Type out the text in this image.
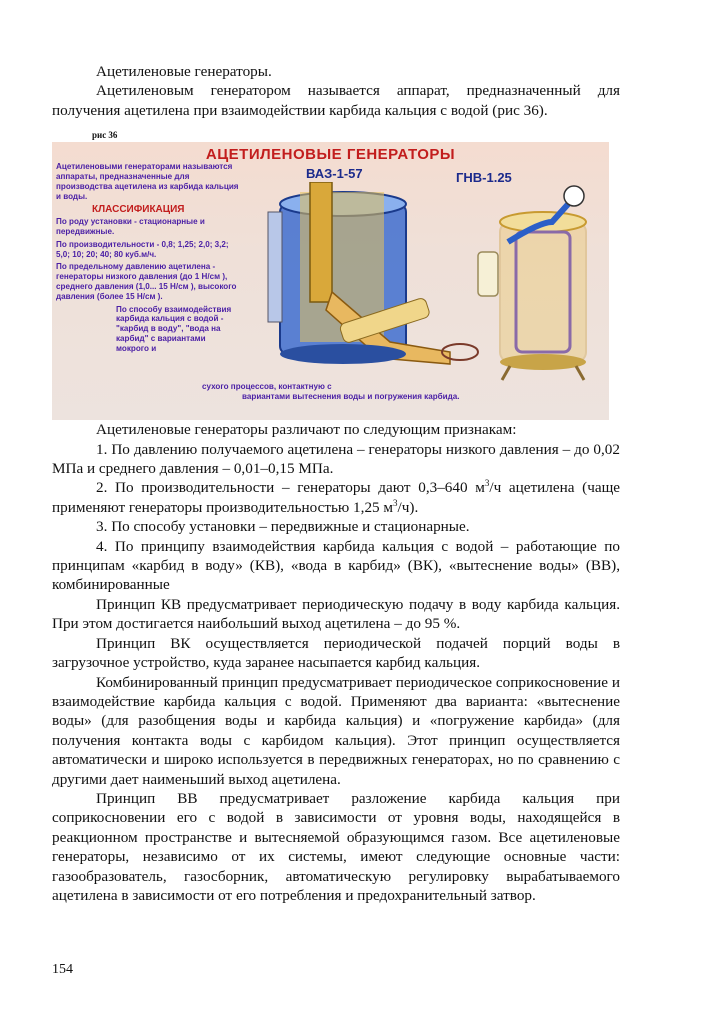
Ацетиленовые генераторы.

Ацетиленовым генератором называется аппарат, предназначенный для получения ацетилена при взаимодействии карбида кальция с водой (рис 36).

рис 36
АЦЕТИЛЕНОВЫЕ ГЕНЕРАТОРЫ
Ацетиленовыми генераторами называются аппараты, предназначенные для производства ацетилена из карбида кальция и воды.
КЛАССИФИКАЦИЯ
По роду установки - стационарные и передвижные.
По производительности - 0,8; 1,25; 2,0; 3,2; 5,0; 10; 20; 40; 80 куб.м/ч.
По предельному давлению ацетилена - генераторы низкого давления (до 1 Н/см ), среднего давления (1,0... 15 Н/см ), высокого давления (более 15 Н/см ).
По способу взаимодействия карбида кальция с водой - "карбид в воду", "вода на карбид" с вариантами мокрого и
ВАЗ-1-57	ГНВ-1.25
сухого процессов, контактную с
вариантами вытеснения воды и погружения карбида.

Ацетиленовые генераторы различают по следующим признакам:

1. По давлению получаемого ацетилена – генераторы низкого давления – до 0,02 МПа и среднего давления – 0,01–0,15 МПа.

2. По производительности – генераторы дают 0,3–640 $м^3/ч$ ацетилена (чаще применяют генераторы производительностью 1,25 $м^3/ч$).

3. По способу установки – передвижные и стационарные.

4. По принципу взаимодействия карбида кальция с водой – работающие по принципам «карбид в воду» (КВ), «вода в карбид» (ВК), «вытеснение воды» (ВВ), комбинированные

Принцип КВ предусматривает периодическую подачу в воду карбида кальция. При этом достигается наибольший выход ацетилена – до 95 %.

Принцип ВК осуществляется периодической подачей порций воды в загрузочное устройство, куда заранее насыпается карбид кальция.

Комбинированный принцип предусматривает периодическое соприкосновение и взаимодействие карбида кальция с водой. Применяют два варианта: «вытеснение воды» (для разобщения воды и карбида кальция) и «погружение карбида» (для получения контакта воды с карбидом кальция). Этот принцип осуществляется автоматически и широко используется в передвижных генераторах, но по сравнению с другими дает наименьший выход ацетилена.

Принцип ВВ предусматривает разложение карбида кальция при соприкосновении его с водой в зависимости от уровня воды, находящейся в реакционном пространстве и вытесняемой образующимся газом. Все ацетиленовые генераторы, независимо от их системы, имеют следующие основные части: газообразователь, газосборник, автоматическую регулировку вырабатываемого ацетилена в зависимости от его потребления и предохранительный затвор.

154
